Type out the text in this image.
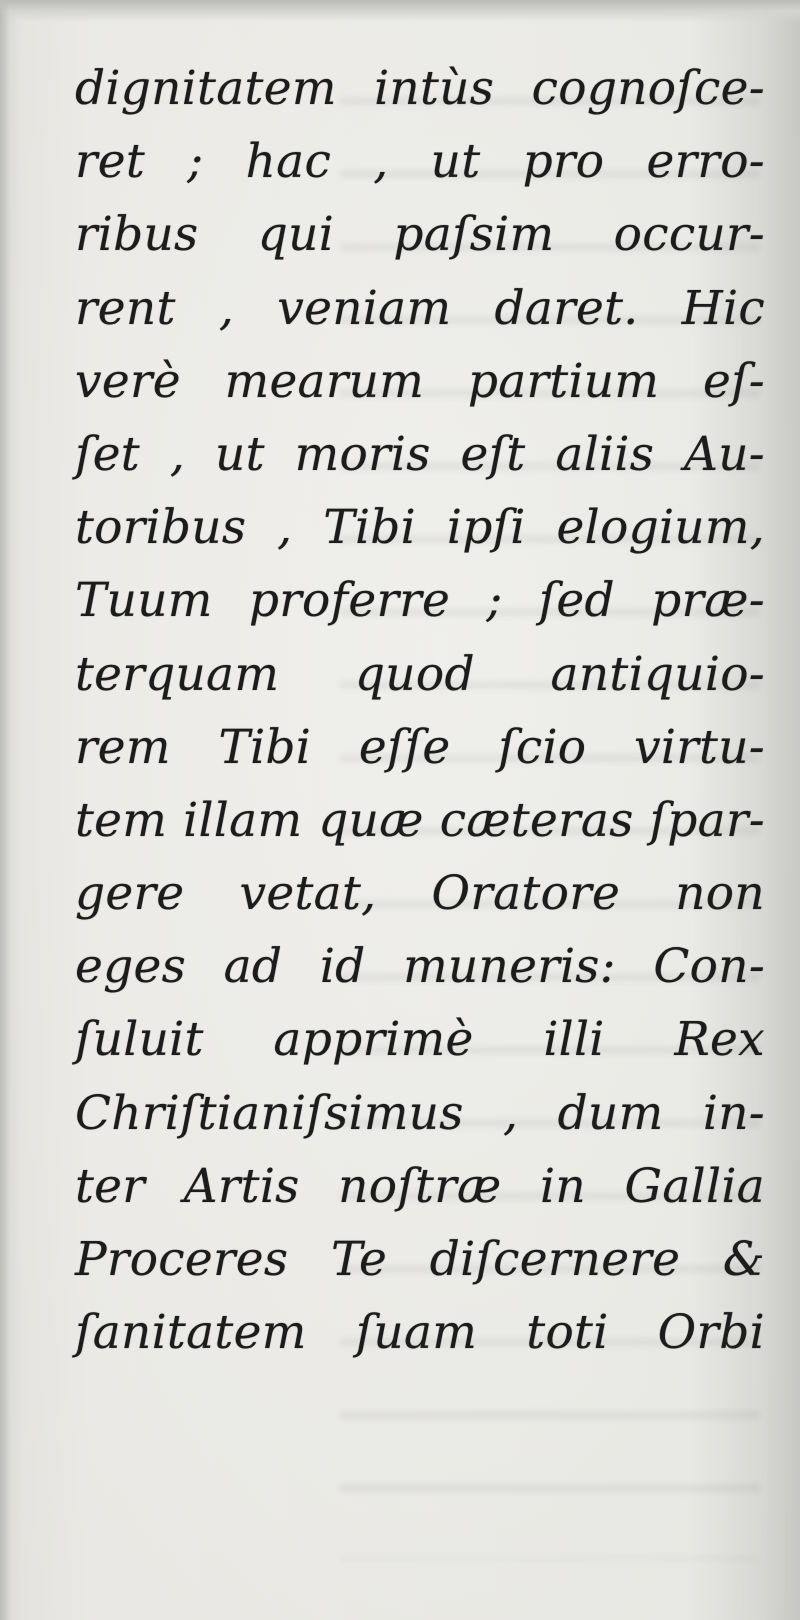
dignitatem intùs cognoſce-
ret ; hac , ut pro erro-
ribus qui paſsim occur-
rent , veniam daret. Hic
verè mearum partium eſ-
ſet , ut moris eſt aliis Au-
toribus , Tibi ipſi elogium,
Tuum proferre ; ſed præ-
terquam quod antiquio-
rem Tibi eſſe ſcio virtu-
tem illam quæ cæteras ſpar-
gere vetat, Oratore non
eges ad id muneris: Con-
ſuluit apprimè illi Rex
Chriſtianiſsimus , dum in-
ter Artis noſtræ in Gallia
Proceres Te diſcernere &
ſanitatem ſuam toti Orbi
